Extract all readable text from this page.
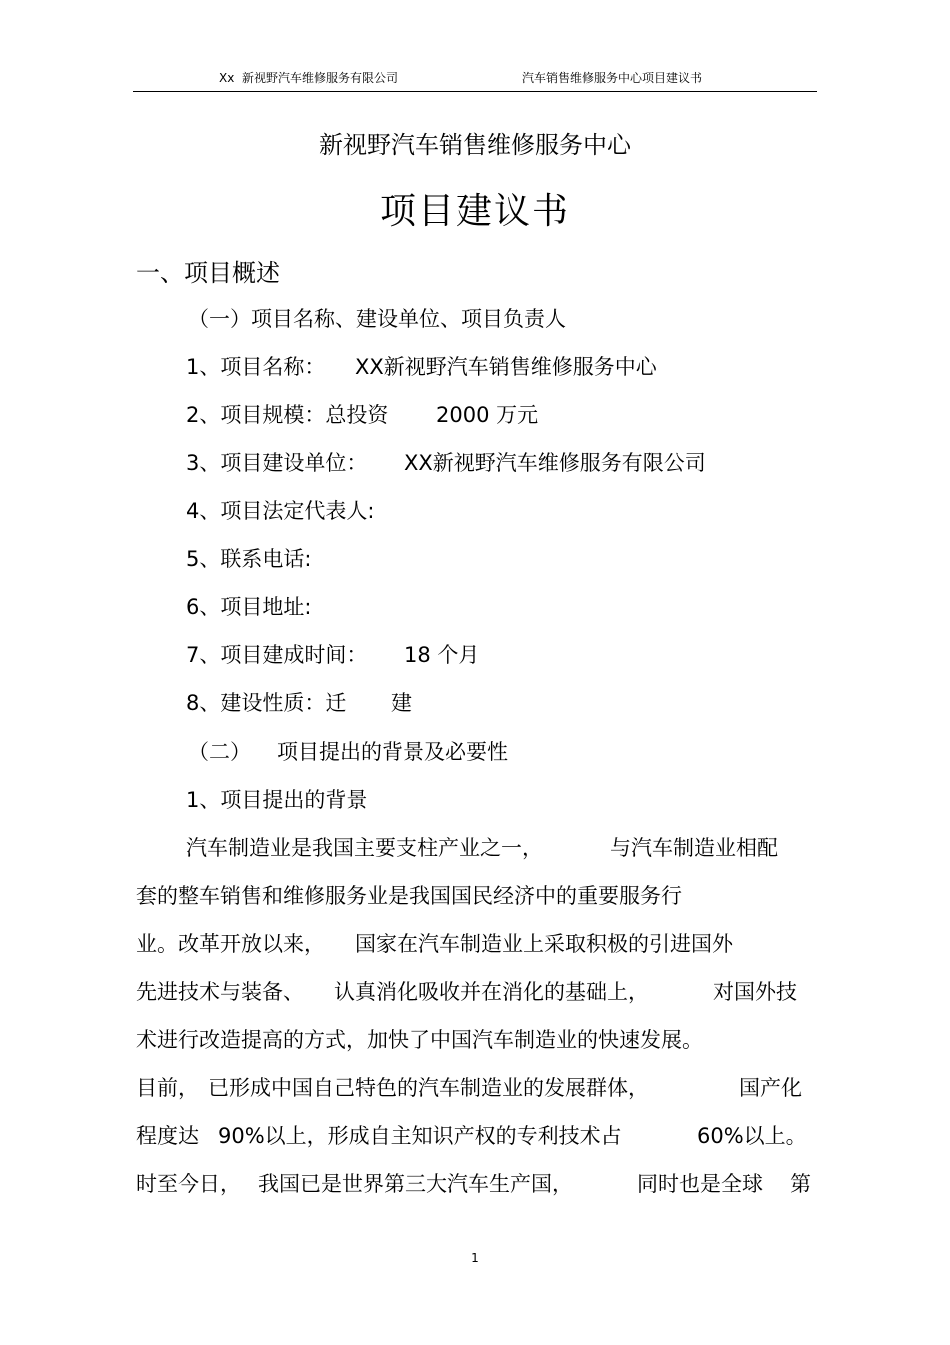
Xx  新视野汽车维修服务有限公司	汽车销售维修服务中心项目建议书
新视野汽车销售维修服务中心
项目建议书
一、项目概述
（一）项目名称、建设单位、项目负责人
1、项目名称： XX新视野汽车销售维修服务中心
2、项目规模：总投资 2000 万元
3、项目建设单位： XX新视野汽车维修服务有限公司
4、项目法定代表人:
5、联系电话:
6、项目地址:
7、项目建成时间： 18 个月
8、建设性质：迁 建
（二） 项目提出的背景及必要性
1、项目提出的背景
汽车制造业是我国主要支柱产业之一，	与汽车制造业相配
套的整车销售和维修服务业是我国国民经济中的重要服务行
业。改革开放以来， 国家在汽车制造业上采取积极的引进国外
先进技术与装备、 认真消化吸收并在消化的基础上，	对国外技
术进行改造提高的方式，加快了中国汽车制造业的快速发展。
目前， 已形成中国自己特色的汽车制造业的发展群体，	国产化
程度达 90%以上，形成自主知识产权的专利技术占	60%以上。
时至今日， 我国已是世界第三大汽车生产国，	同时也是全球 第
1
